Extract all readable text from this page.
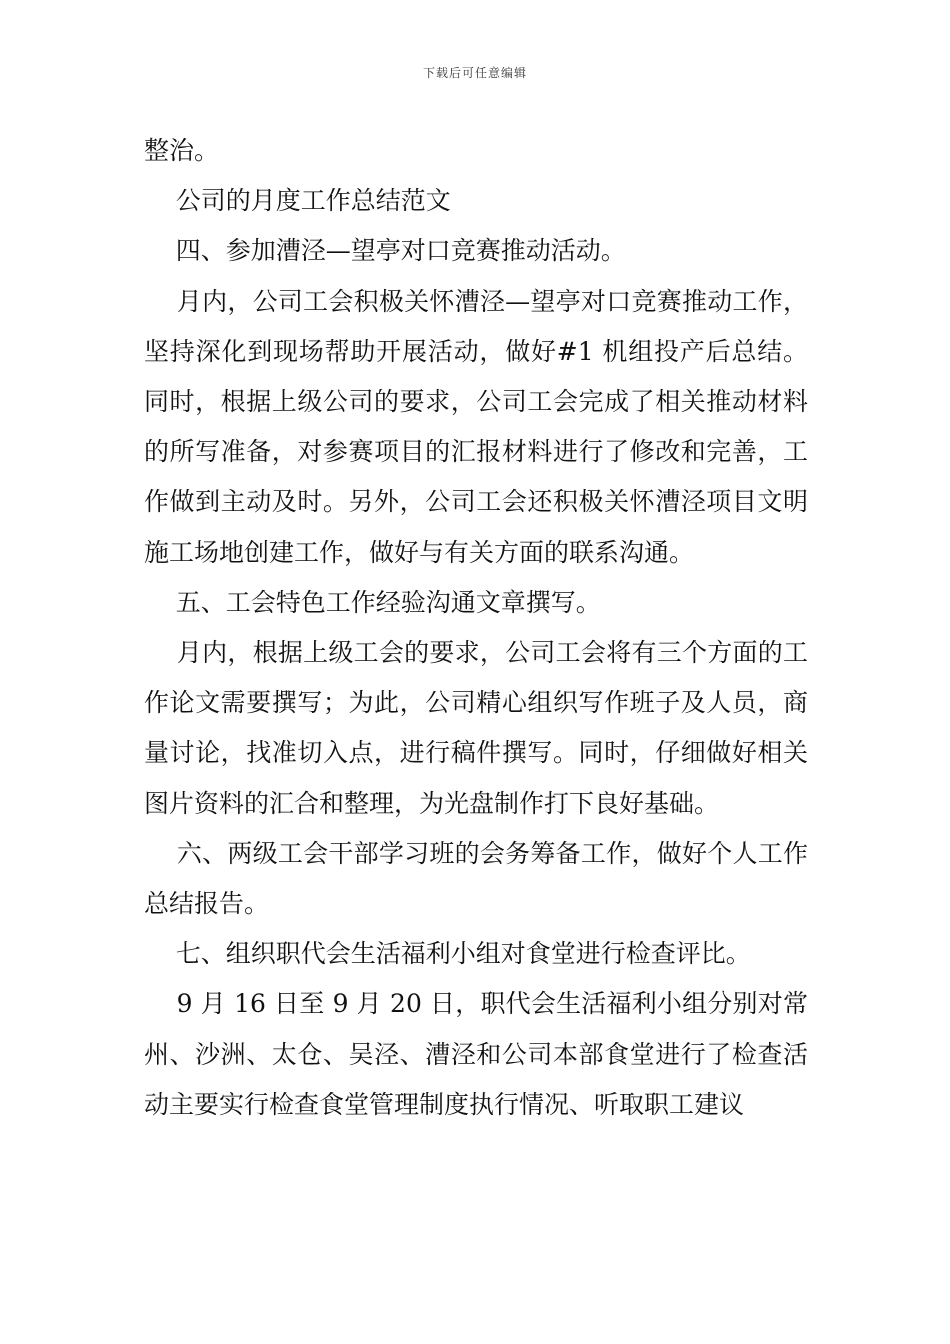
下载后可任意编辑

整治。

公司的月度工作总结范文

四、参加漕泾—望亭对口竞赛推动活动。

月内，公司工会积极关怀漕泾—望亭对口竞赛推动工作，坚持深化到现场帮助开展活动，做好#1 机组投产后总结。同时，根据上级公司的要求，公司工会完成了相关推动材料的所写准备，对参赛项目的汇报材料进行了修改和完善，工作做到主动及时。另外，公司工会还积极关怀漕泾项目文明施工场地创建工作，做好与有关方面的联系沟通。

五、工会特色工作经验沟通文章撰写。

月内，根据上级工会的要求，公司工会将有三个方面的工作论文需要撰写；为此，公司精心组织写作班子及人员，商量讨论，找准切入点，进行稿件撰写。同时，仔细做好相关图片资料的汇合和整理，为光盘制作打下良好基础。

六、两级工会干部学习班的会务筹备工作，做好个人工作总结报告。

七、组织职代会生活福利小组对食堂进行检查评比。

9 月 16 日至 9 月 20 日，职代会生活福利小组分别对常州、沙洲、太仓、吴泾、漕泾和公司本部食堂进行了检查活动主要实行检查食堂管理制度执行情况、听取职工建议
